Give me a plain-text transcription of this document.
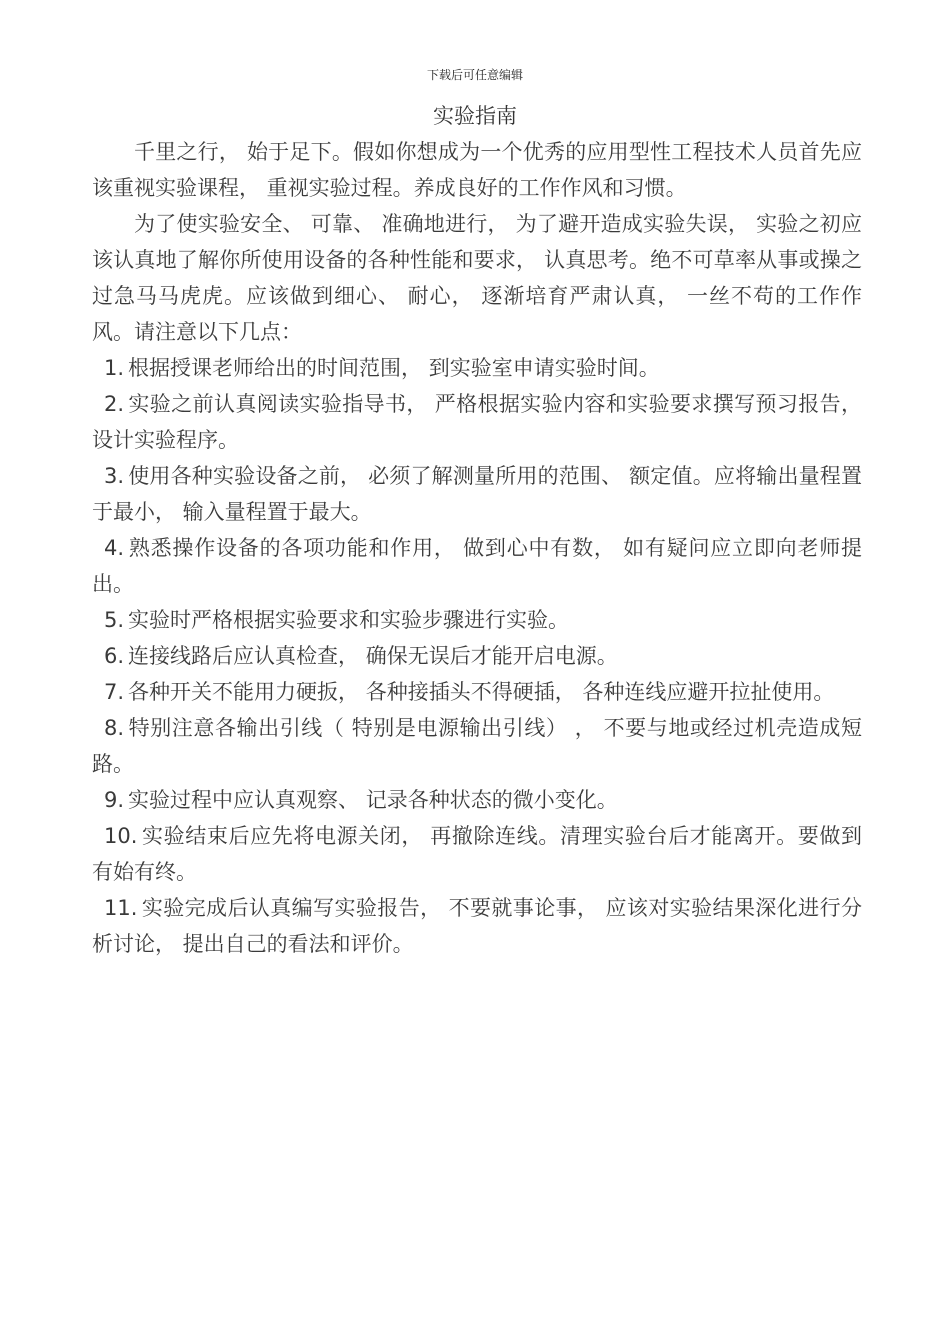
下载后可任意编辑
实验指南

千里之行， 始于足下。假如你想成为一个优秀的应用型性工程技术人员首先应该重视实验课程， 重视实验过程。养成良好的工作作风和习惯。

为了使实验安全、 可靠、 准确地进行， 为了避开造成实验失误， 实验之初应该认真地了解你所使用设备的各种性能和要求， 认真思考。绝不可草率从事或操之过急马马虎虎。应该做到细心、 耐心， 逐渐培育严肃认真， 一丝不苟的工作作风。请注意以下几点：

1. 根据授课老师给出的时间范围， 到实验室申请实验时间。

2. 实验之前认真阅读实验指导书， 严格根据实验内容和实验要求撰写预习报告， 设计实验程序。

3. 使用各种实验设备之前， 必须了解测量所用的范围、 额定值。应将输出量程置于最小， 输入量程置于最大。

4. 熟悉操作设备的各项功能和作用， 做到心中有数， 如有疑问应立即向老师提出。

5. 实验时严格根据实验要求和实验步骤进行实验。

6. 连接线路后应认真检查， 确保无误后才能开启电源。

7. 各种开关不能用力硬扳， 各种接插头不得硬插， 各种连线应避开拉扯使用。

8. 特别注意各输出引线（ 特别是电源输出引线） ， 不要与地或经过机壳造成短路。

9. 实验过程中应认真观察、 记录各种状态的微小变化。

10. 实验结束后应先将电源关闭， 再撤除连线。清理实验台后才能离开。要做到有始有终。

11. 实验完成后认真编写实验报告， 不要就事论事， 应该对实验结果深化进行分析讨论， 提出自己的看法和评价。
